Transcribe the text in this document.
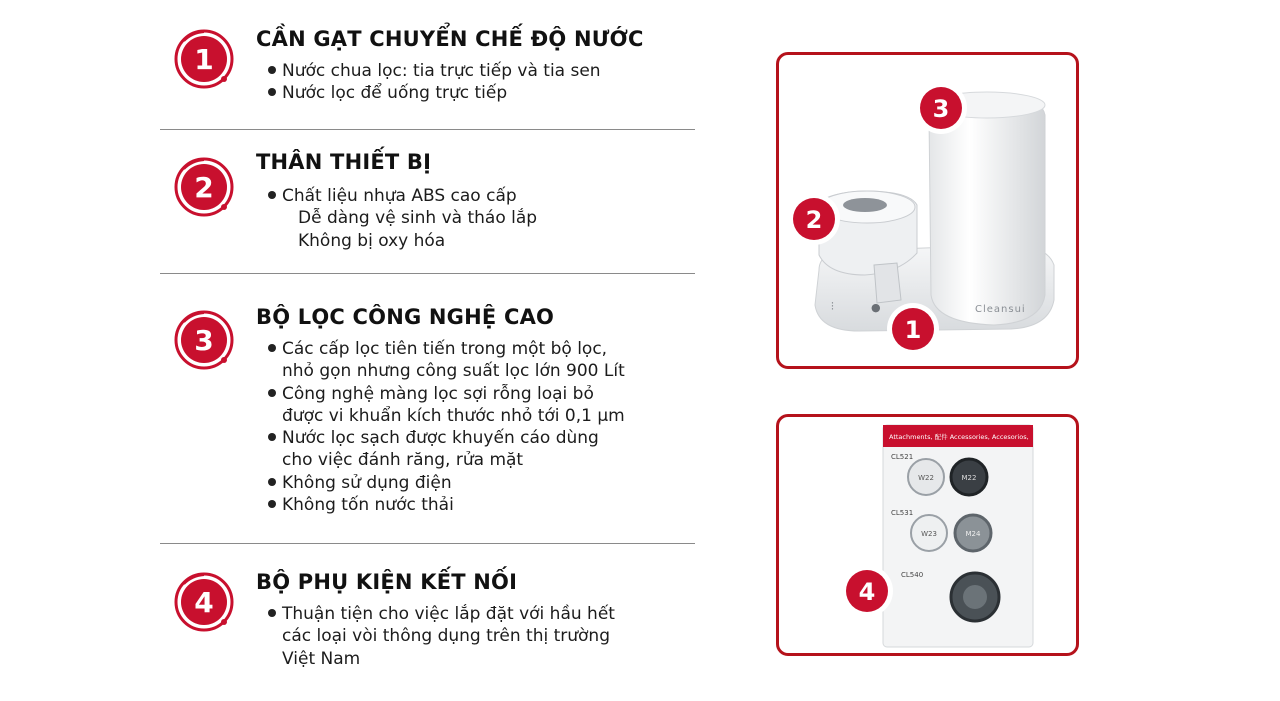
1
CẦN GẠT CHUYỂN CHẾ ĐỘ NƯỚC
Nước chua lọc: tia trực tiếp và tia sen
Nước lọc để uống trực tiếp
2
THÂN THIẾT BỊ
Chất liệu nhựa ABS cao cấp
Dễ dàng vệ sinh và tháo lắp
Không bị oxy hóa
3
BỘ LỌC CÔNG NGHỆ CAO
Các cấp lọc tiên tiến trong một bộ lọc,
nhỏ gọn nhưng công suất lọc lớn 900 Lít
Công nghệ màng lọc sợi rỗng loại bỏ
được vi khuẩn kích thước nhỏ tới 0,1 µm
Nước lọc sạch được khuyến cáo dùng
cho việc đánh răng, rửa mặt
Không sử dụng điện
Không tốn nước thải
4
BỘ PHỤ KIỆN KẾT NỐI
Thuận tiện cho việc lắp đặt với hầu hết
các loại vòi thông dụng trên thị trường
Việt Nam
⫶	●	Cleansui
3
2
1
Attachments, 配件 Accessories, Accesorios,
CL521
CL531
CL540
W22	M22
W23	M24
4
